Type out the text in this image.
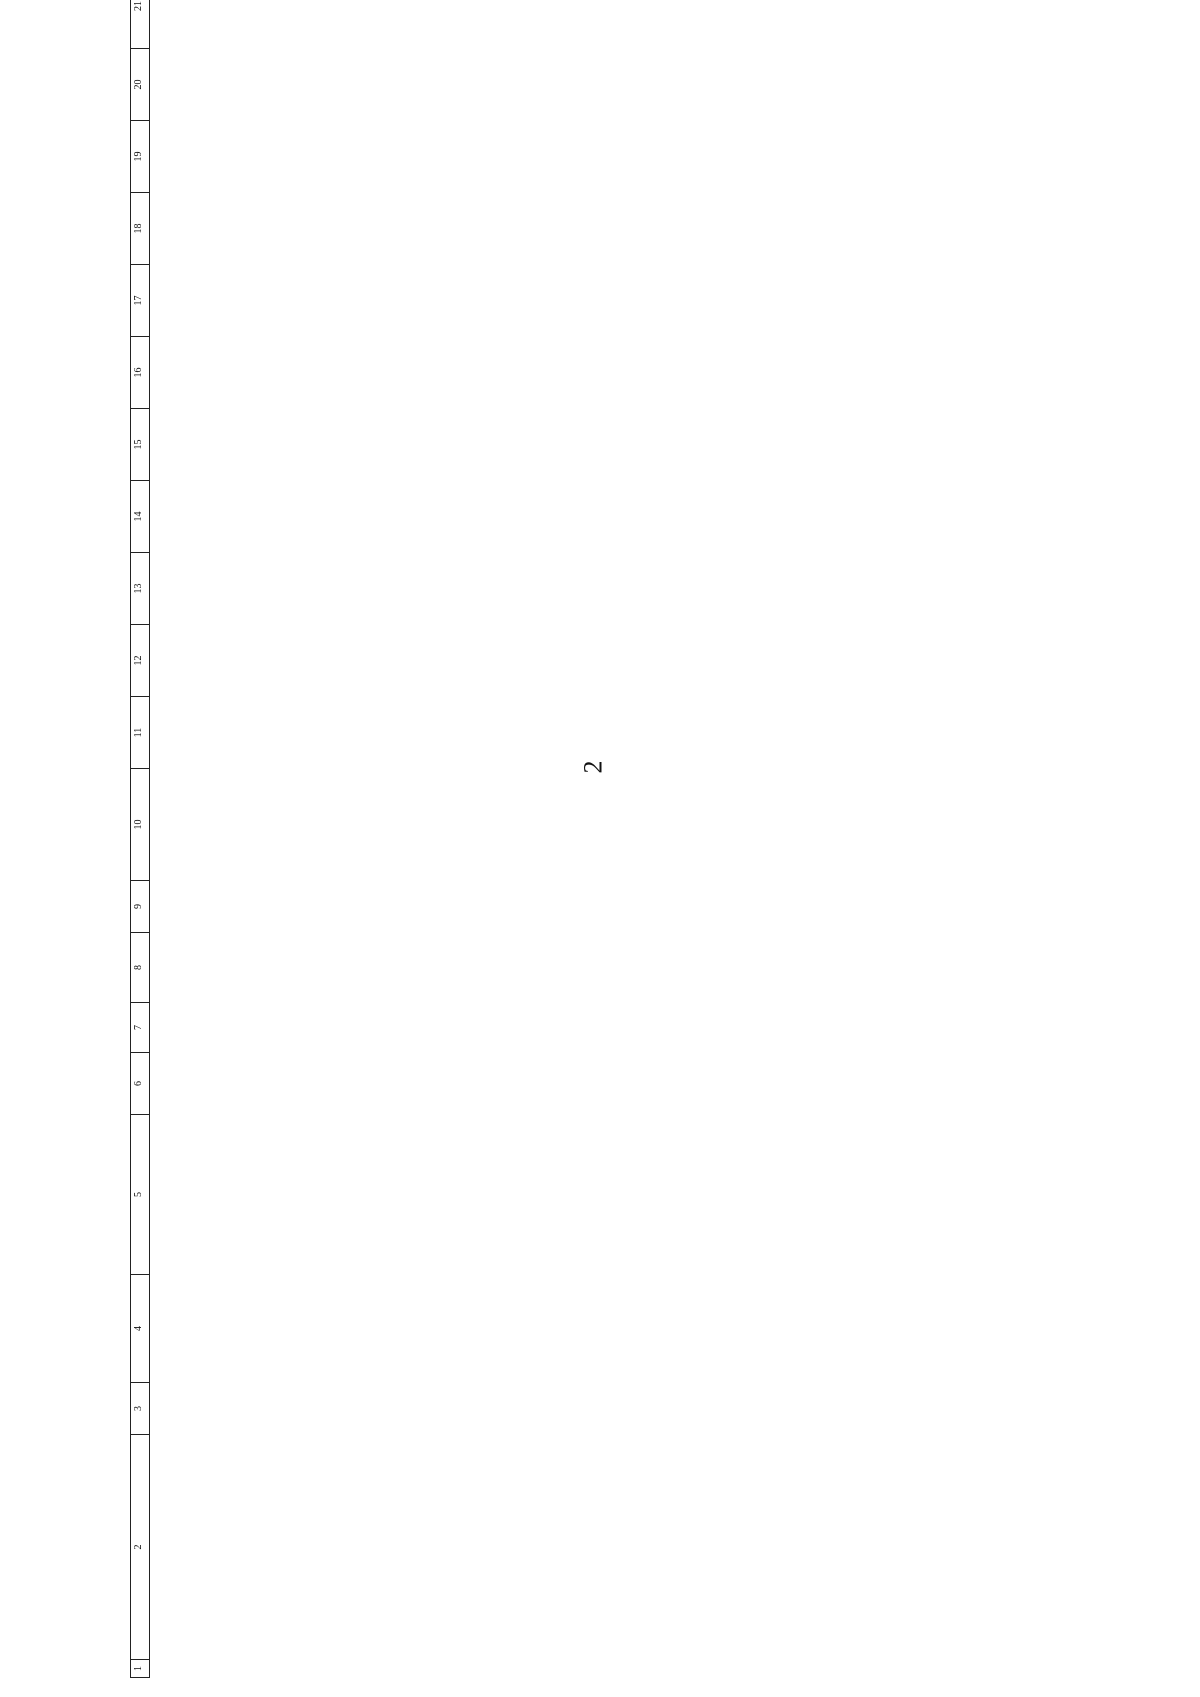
2
1	2	3	4	5	6	7	8	9	10	11	12	13	14	15	16	17	18	19	20	21
